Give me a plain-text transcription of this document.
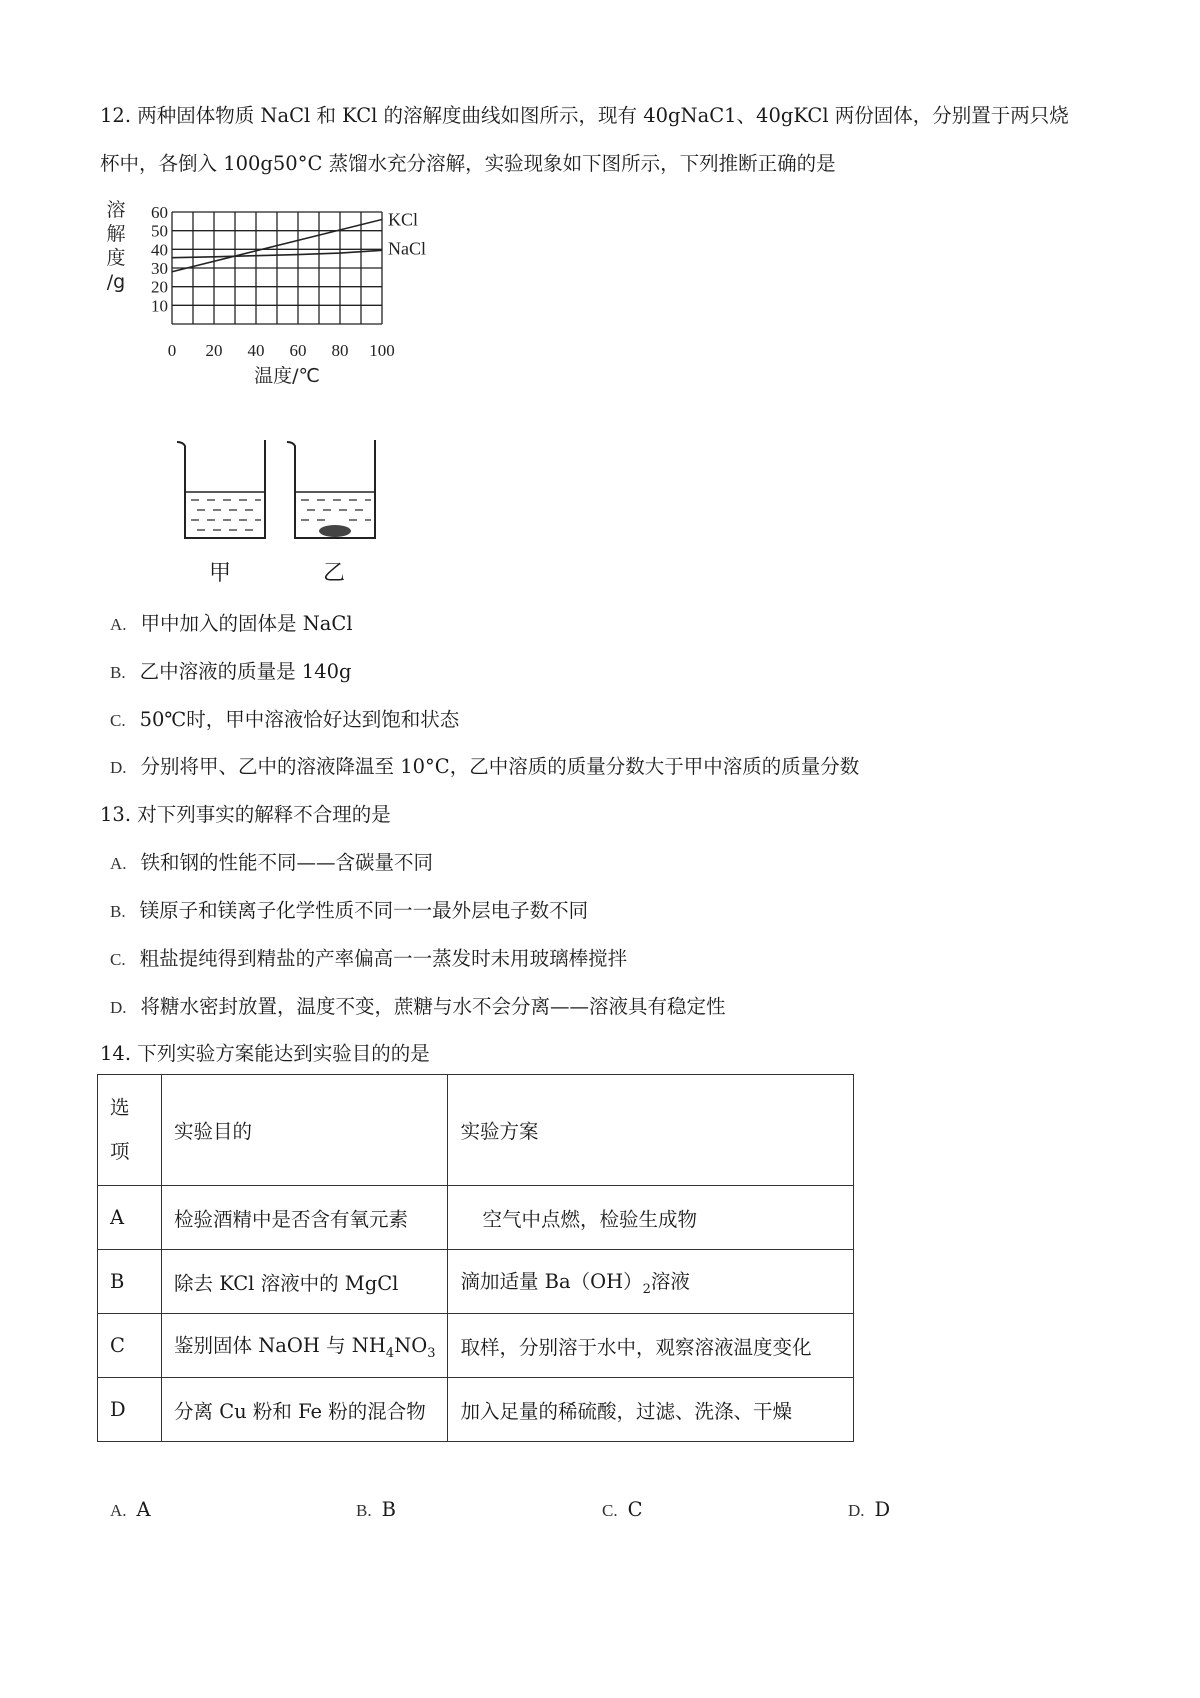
12. 两种固体物质 NaCl 和 KCl 的溶解度曲线如图所示，现有 40gNaC1、40gKCl 两份固体，分别置于两只烧
杯中，各倒入 100g50°C 蒸馏水充分溶解，实验现象如下图所示，下列推断正确的是
10
20
30
40
50
60
0 20 40 60 80 100
溶
解
度
/g
温度/℃
KCl
NaCl
甲	乙
A. 甲中加入的固体是 NaCl
B. 乙中溶液的质量是 140g
C. 50℃时，甲中溶液恰好达到饱和状态
D. 分别将甲、乙中的溶液降温至 10°C，乙中溶质的质量分数大于甲中溶质的质量分数
13. 对下列事实的解释不合理的是
A. 铁和钢的性能不同——含碳量不同
B. 镁原子和镁离子化学性质不同一一最外层电子数不同
C. 粗盐提纯得到精盐的产率偏高一一蒸发时未用玻璃棒搅拌
D. 将糖水密封放置，温度不变，蔗糖与水不会分离——溶液具有稳定性
14. 下列实验方案能达到实验目的的是
选
项	实验目的	实验方案
A	检验酒精中是否含有氧元素	空气中点燃，检验生成物
B	除去 KCl 溶液中的 MgCl	滴加适量 $Ba(OH)_2$溶液
C	鉴别固体 NaOH 与 $NH_4NO_3$	取样，分别溶于水中，观察溶液温度变化
D	分离 Cu 粉和 Fe 粉的混合物	加入足量的稀硫酸，过滤、洗涤、干燥
A. A	B. B	C. C	D. D
